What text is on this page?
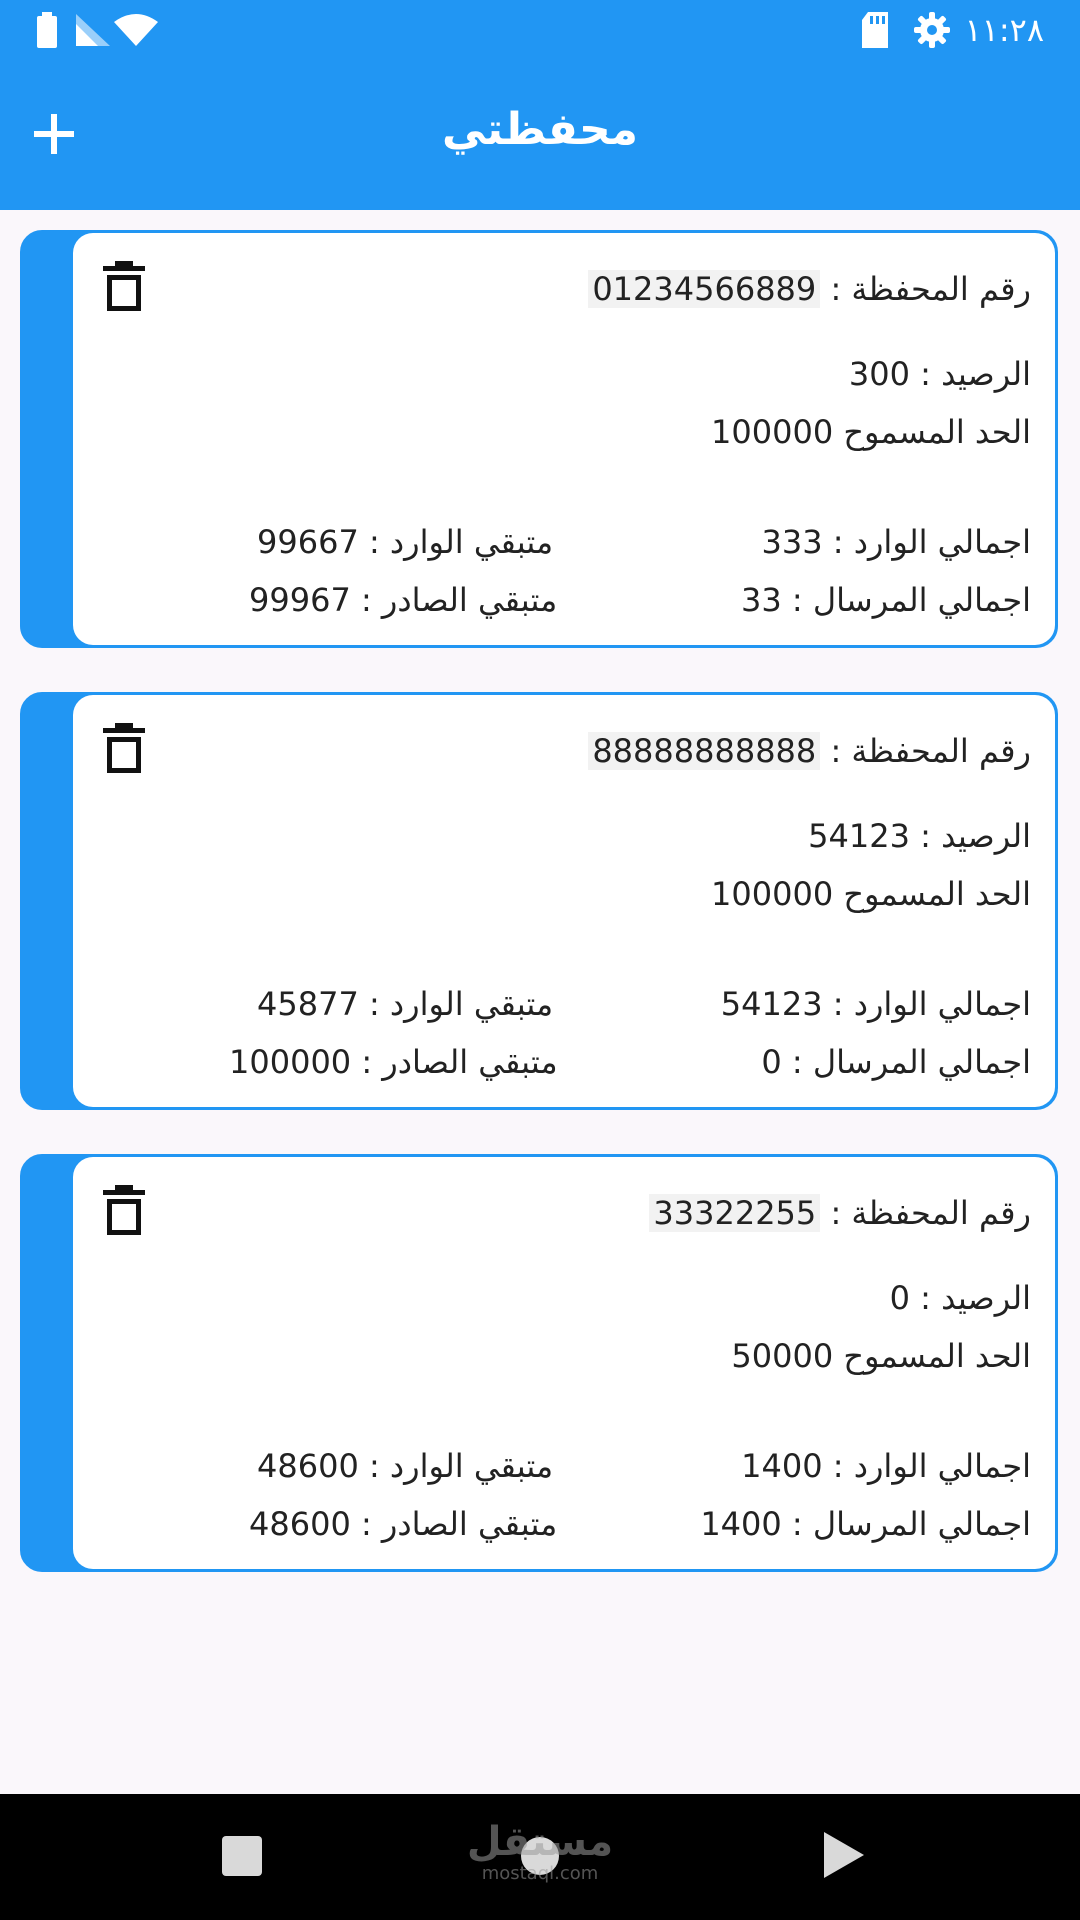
١١:٢٨
محفظتي
رقم المحفظة : 01234566889
الرصيد : 300
الحد المسموح 100000
اجمالي الوارد : 333
اجمالي المرسال : 33
متبقي الوارد : 99667
متبقي الصادر : 99967
رقم المحفظة : 88888888888
الرصيد : 54123
الحد المسموح 100000
اجمالي الوارد : 54123
اجمالي المرسال : 0
متبقي الوارد : 45877
متبقي الصادر : 100000
رقم المحفظة : 33322255
الرصيد : 0
الحد المسموح 50000
اجمالي الوارد : 1400
اجمالي المرسال : 1400
متبقي الوارد : 48600
متبقي الصادر : 48600
مستقل
mostaql.com
